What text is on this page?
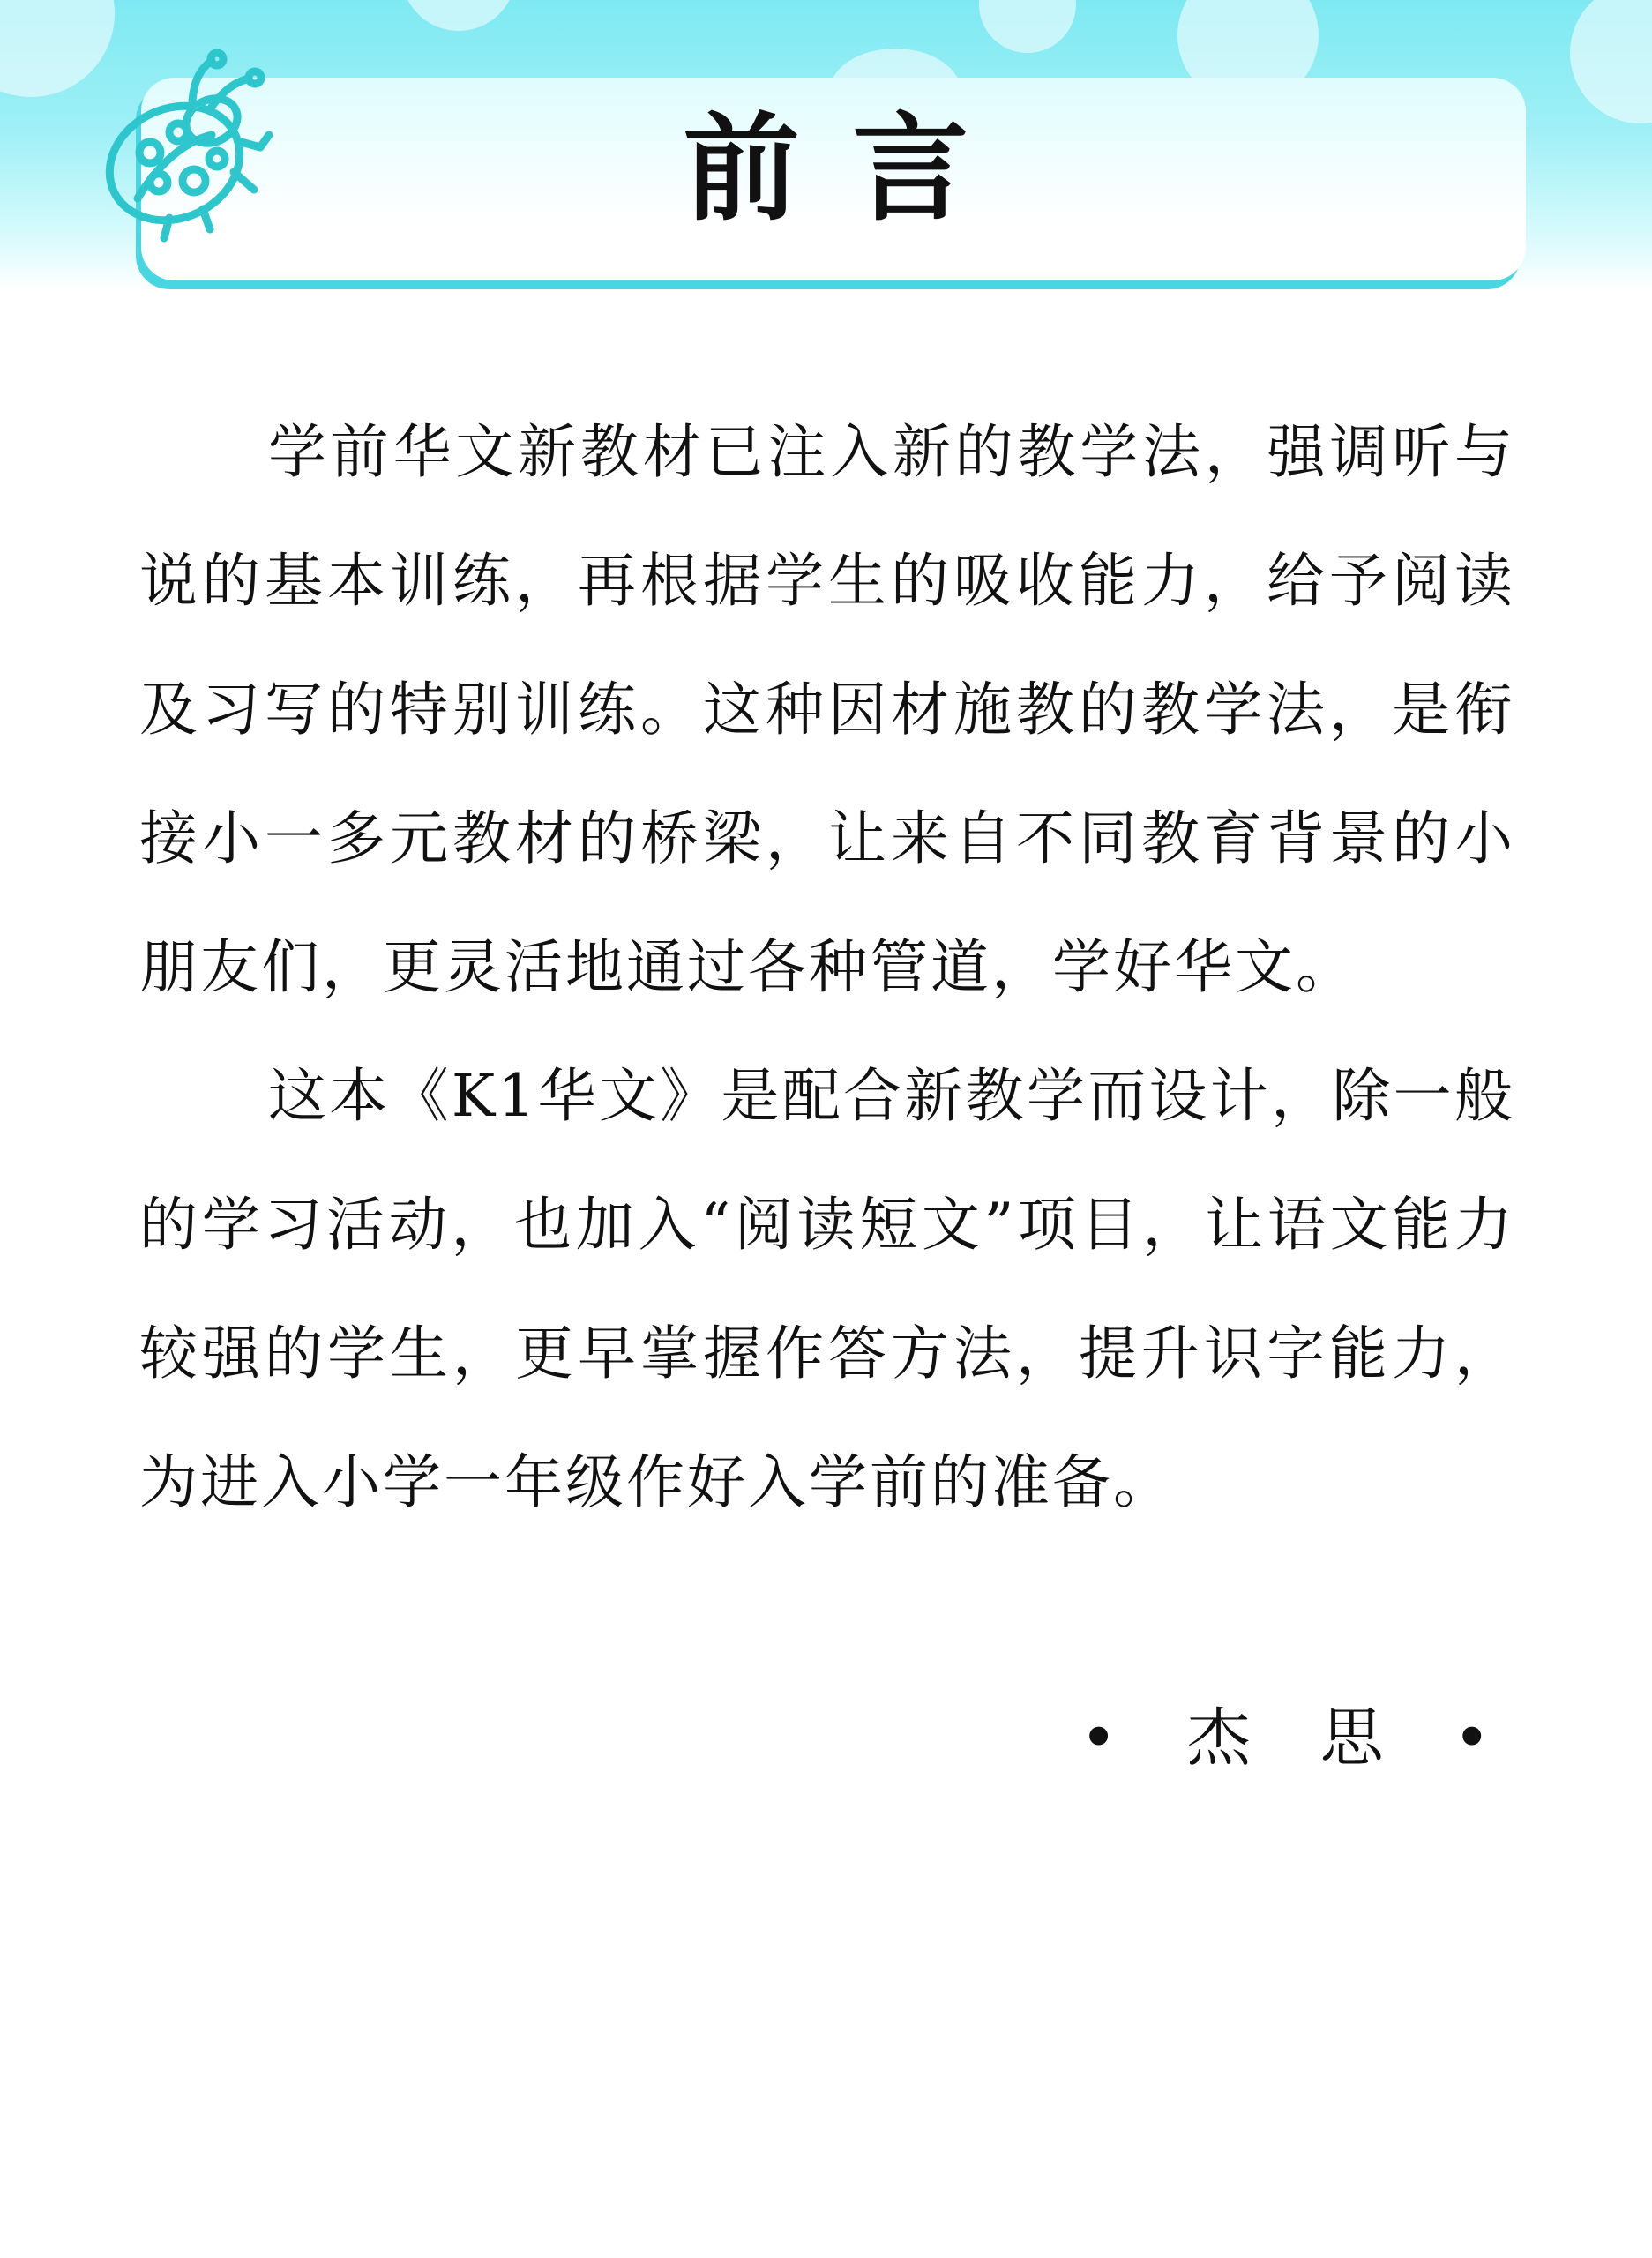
前言

学前华文新教材已注入新的教学法，强调听与说的基本训练，再根据学生的吸收能力，给予阅读及习写的特别训练。这种因材施教的教学法，是衔接小一多元教材的桥梁，让来自不同教育背景的小朋友们，更灵活地通过各种管道，学好华文。

这本《K1华文》是配合新教学而设计，除一般的学习活动，也加入“阅读短文”项目，让语文能力较强的学生，更早掌握作答方法，提升识字能力，为进入小学一年级作好入学前的准备。

• 杰 思 •
